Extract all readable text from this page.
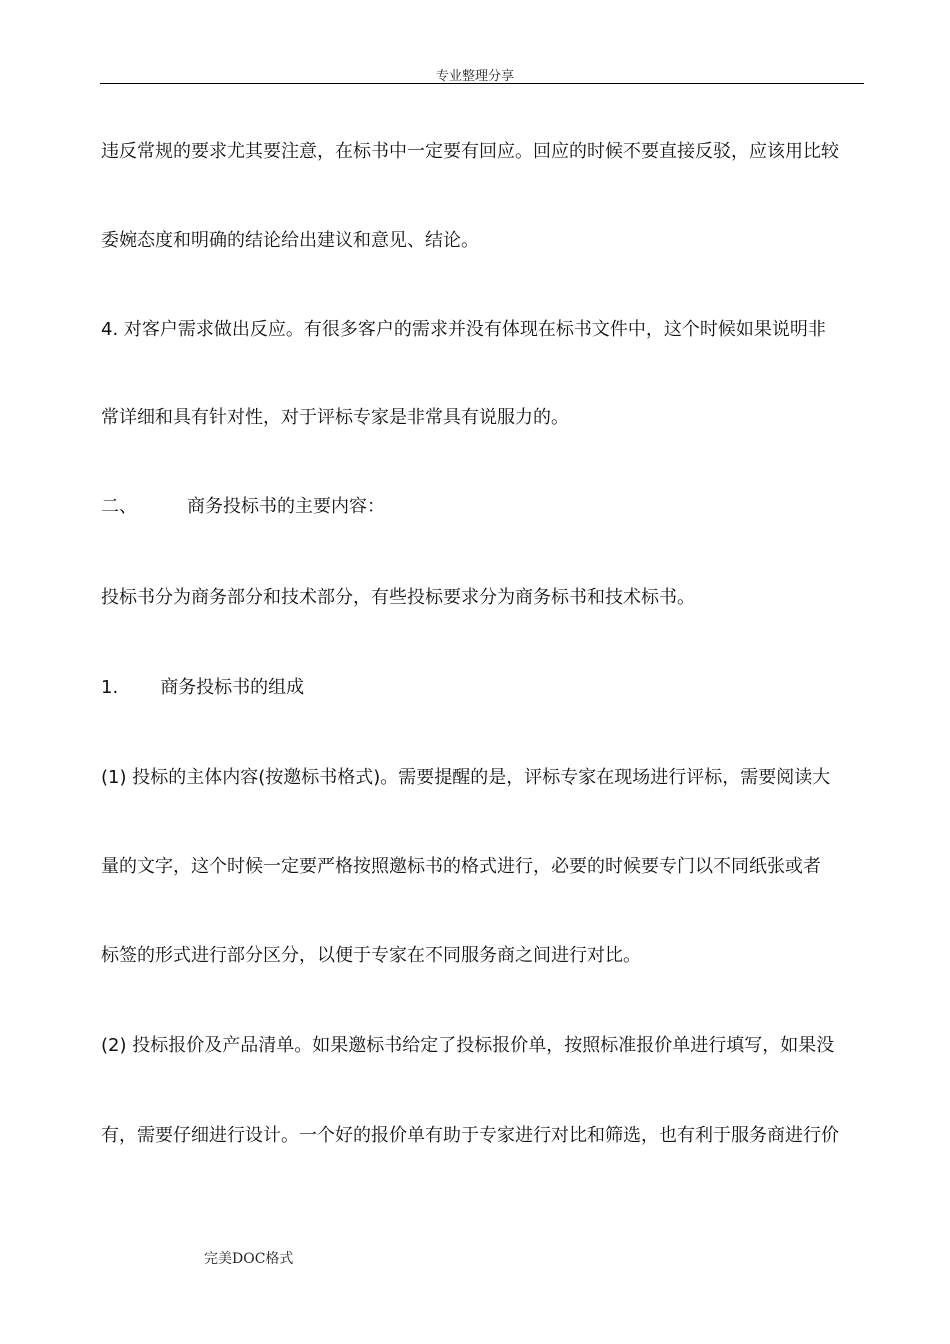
专业整理分享
违反常规的要求尤其要注意，在标书中一定要有回应。回应的时候不要直接反驳，应该用比较
委婉态度和明确的结论给出建议和意见、结论。
4. 对客户需求做出反应。有很多客户的需求并没有体现在标书文件中，这个时候如果说明非
常详细和具有针对性，对于评标专家是非常具有说服力的。
二、	商务投标书的主要内容：
投标书分为商务部分和技术部分，有些投标要求分为商务标书和技术标书。
1. 商务投标书的组成
(1) 投标的主体内容(按邀标书格式)。需要提醒的是，评标专家在现场进行评标，需要阅读大
量的文字，这个时候一定要严格按照邀标书的格式进行，必要的时候要专门以不同纸张或者
标签的形式进行部分区分，以便于专家在不同服务商之间进行对比。
(2) 投标报价及产品清单。如果邀标书给定了投标报价单，按照标准报价单进行填写，如果没
有，需要仔细进行设计。一个好的报价单有助于专家进行对比和筛选，也有利于服务商进行价
完美DOC格式
